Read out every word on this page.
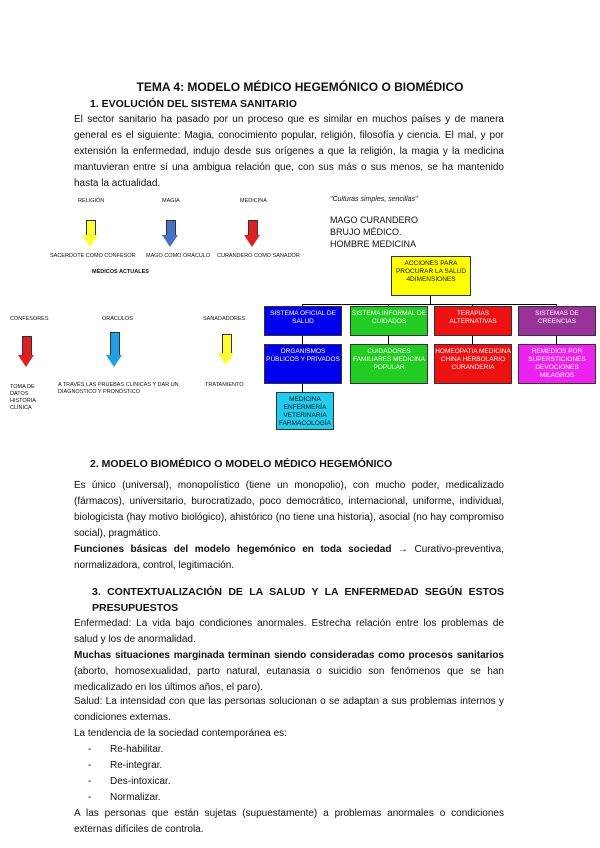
TEMA 4: MODELO MÉDICO HEGEMÓNICO O BIOMÉDICO
1. EVOLUCIÓN DEL SISTEMA SANITARIO
El sector sanitario ha pasado por un proceso que es similar en muchos países y de manera general es el siguiente: Magia, conocimiento popular, religión, filosofía y ciencia. El mal, y por extensión la enfermedad, indujo desde sus orígenes a que la religión, la magia y la medicina mantuvieran entre sí una ambigua relación que, con sus más o sus menos, se ha mantenido hasta la actualidad.
RELIGIÓN	MAGIA	MEDICINA
SACERDOTE COMO CONFESOR MAGO COMO ORÁCULO CURANDERO COMO SANADOR
MÉDICOS ACTUALES
CONFESORES	ORÁCULOS	SANADADORES
TOMA DE DATOS HISTORIA CLÍNICA
A TRAVÉS LAS PRUEBAS CLÍNICAS Y DAR UN DIAGNOSTICO Y PRONÓSTICO
TRATAMIENTO
"Culturas simples, sencillas"
MAGO CURANDERO
BRUJO MÉDICO.
HOMBRE MEDICINA
ACCIONES PARA PROCURAR LA SALUD 4DIMENSIONES
SISTEMA OFICIAL DE SALUD
SISTEMA INFORMAL DE CUIDADOS
TERAPIAS ALTERNATIVAS
SISTEMAS DE CREENCIAS
ORGANISMOS PÚBLICOS Y PRIVADOS
CUIDADORES FAMILIARES MEDICINA POPULAR
HOMEOPATIA MEDICINA CHINA HERBOLARIO CURANDERIA
REMEDIOS POR SUPERSTICIONES DEVOCIONES MILAGROS
MEDICINA ENFERMERÍA VETERINARIA FARMACOLOGÍA
2. MODELO BIOMÉDICO O MODELO MÉDICO HEGEMÓNICO
Es único (universal), monopolístico (tiene un monopolio), con mucho poder, medicalizado (fármacos), universitario, burocratizado, poco democrático, internacional, uniforme, individual, biologicista (hay motivo biológico), ahistórico (no tiene una historia), asocial (no hay compromiso social), pragmático.
Funciones básicas del modelo hegemónico en toda sociedad → Curativo-preventiva, normalizadora, control, legitimación.
3. CONTEXTUALIZACIÓN DE LA SALUD Y LA ENFERMEDAD SEGÚN ESTOS PRESUPUESTOS
Enfermedad: La vida bajo condiciones anormales. Estrecha relación entre los problemas de salud y los de anormalidad.
Muchas situaciones marginada terminan siendo consideradas como procesos sanitarios (aborto, homosexualidad, parto natural, eutanasia o suicidio son fenómenos que se han medicalizado en los últimos años, el paro).
Salud: La intensidad con que las personas solucionan o se adaptan a sus problemas internos y condiciones externas.
La tendencia de la sociedad contemporánea es:
- Re-habilitar.
- Re-integrar.
- Des-intoxicar.
- Normalizar.
A las personas que están sujetas (supuestamente) a problemas anormales o condiciones externas difíciles de controla.
